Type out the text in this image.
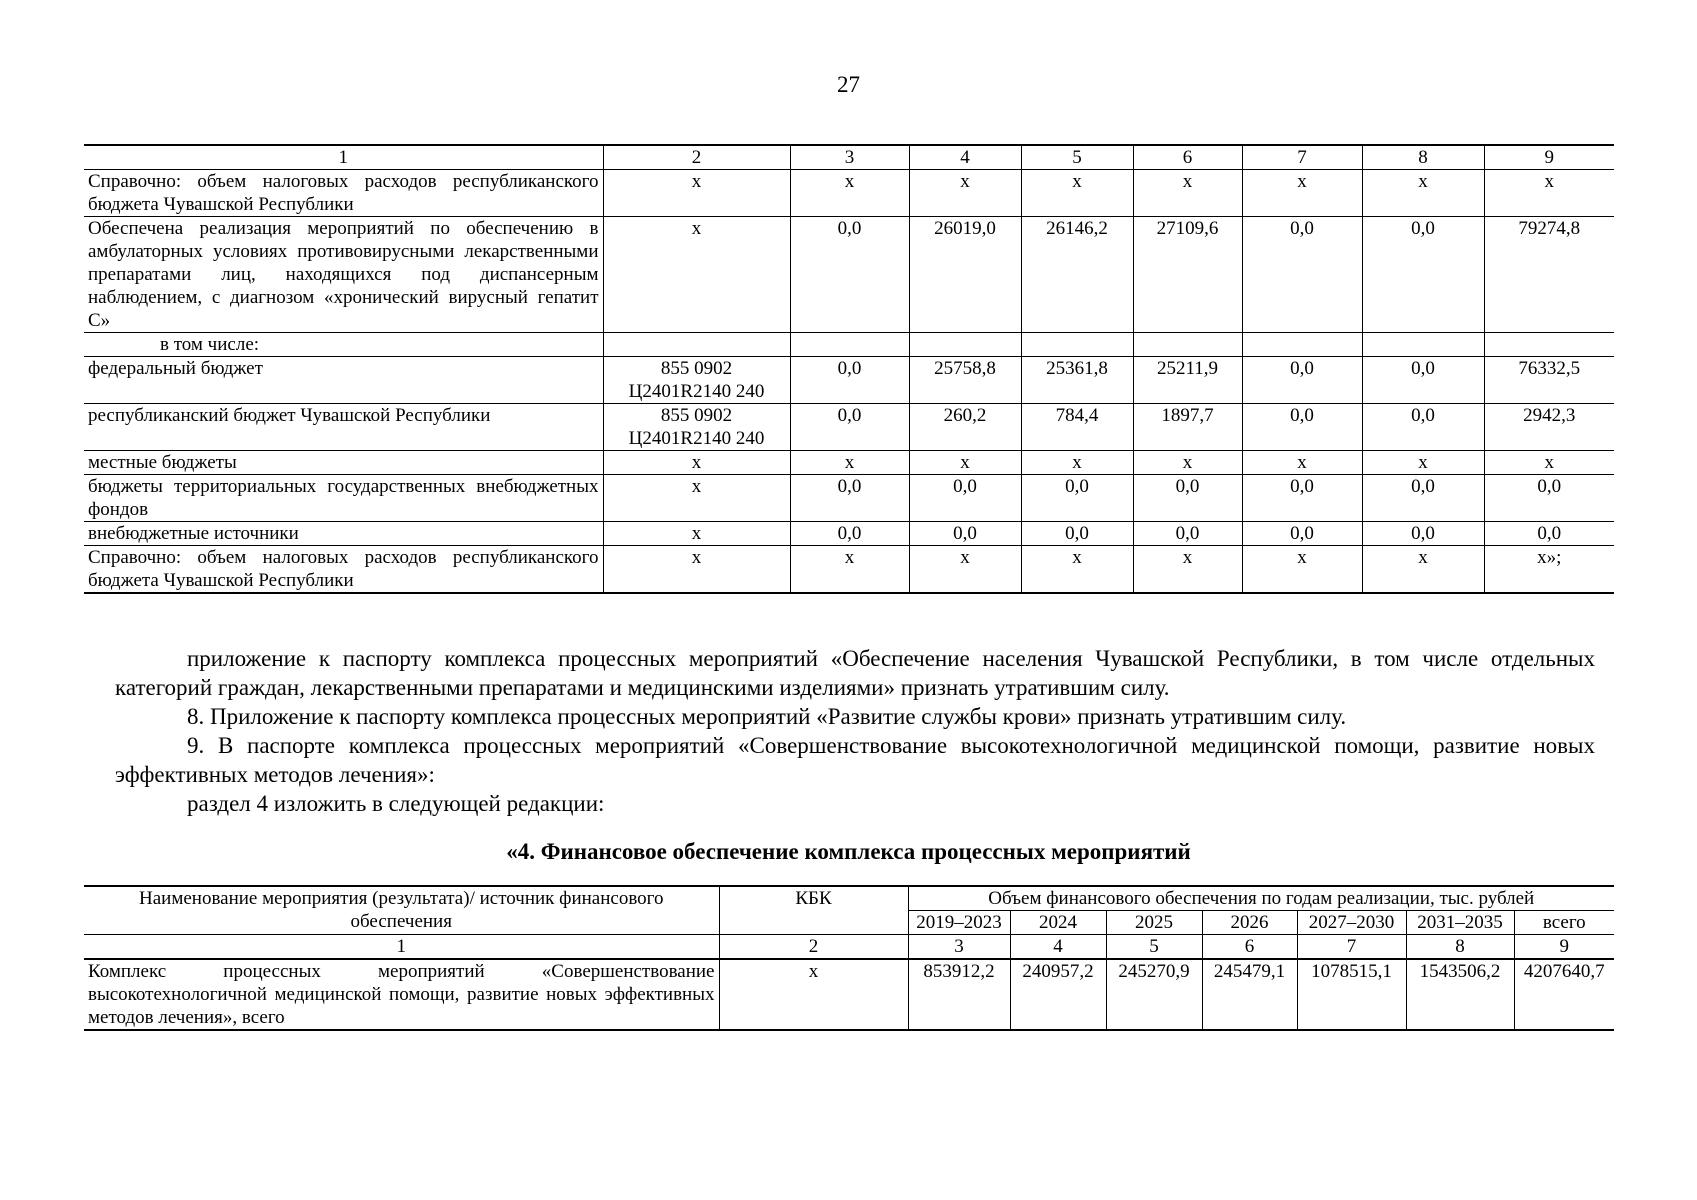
27
1	2	3	4	5	6	7	8	9
Справочно: объем налоговых расходов республиканского бюджета Чувашской Республики	x	x	x	x	x	x	x	x
Обеспечена реализация мероприятий по обеспечению в амбулаторных условиях противовирусными лекарственными препаратами лиц, находящихся под диспансерным наблюдением, с диагнозом «хронический вирусный гепатит С»	x	0,0	26019,0	26146,2	27109,6	0,0	0,0	79274,8
в том числе:								
федеральный бюджет	855 0902 Ц2401R2140 240	0,0	25758,8	25361,8	25211,9	0,0	0,0	76332,5
республиканский бюджет Чувашской Республики	855 0902 Ц2401R2140 240	0,0	260,2	784,4	1897,7	0,0	0,0	2942,3
местные бюджеты	x	x	x	x	x	x	x	x
бюджеты территориальных государственных внебюджетных фондов	x	0,0	0,0	0,0	0,0	0,0	0,0	0,0
внебюджетные источники	x	0,0	0,0	0,0	0,0	0,0	0,0	0,0
Справочно: объем налоговых расходов республиканского бюджета Чувашской Республики	x	x	x	x	x	x	x	x»;

приложение к паспорту комплекса процессных мероприятий «Обеспечение населения Чувашской Республики, в том числе отдельных категорий граждан, лекарственными препаратами и медицинскими изделиями» признать утратившим силу.

8. Приложение к паспорту комплекса процессных мероприятий «Развитие службы крови» признать утратившим силу.

9. В паспорте комплекса процессных мероприятий «Совершенствование высокотехнологичной медицинской помощи, развитие новых эффективных методов лечения»:

раздел 4 изложить в следующей редакции:

«4. Финансовое обеспечение комплекса процессных мероприятий
Наименование мероприятия (результата)/ источник финансового обеспечения	КБК	Объем финансового обеспечения по годам реализации, тыс. рублей						
		2019–2023	2024	2025	2026	2027–2030	2031–2035	всего
1	2	3	4	5	6	7	8	9
Комплекс процессных мероприятий «Совершенствование высокотехнологичной медицинской помощи, развитие новых эффективных методов лечения», всего	x	853912,2	240957,2	245270,9	245479,1	1078515,1	1543506,2	4207640,7
